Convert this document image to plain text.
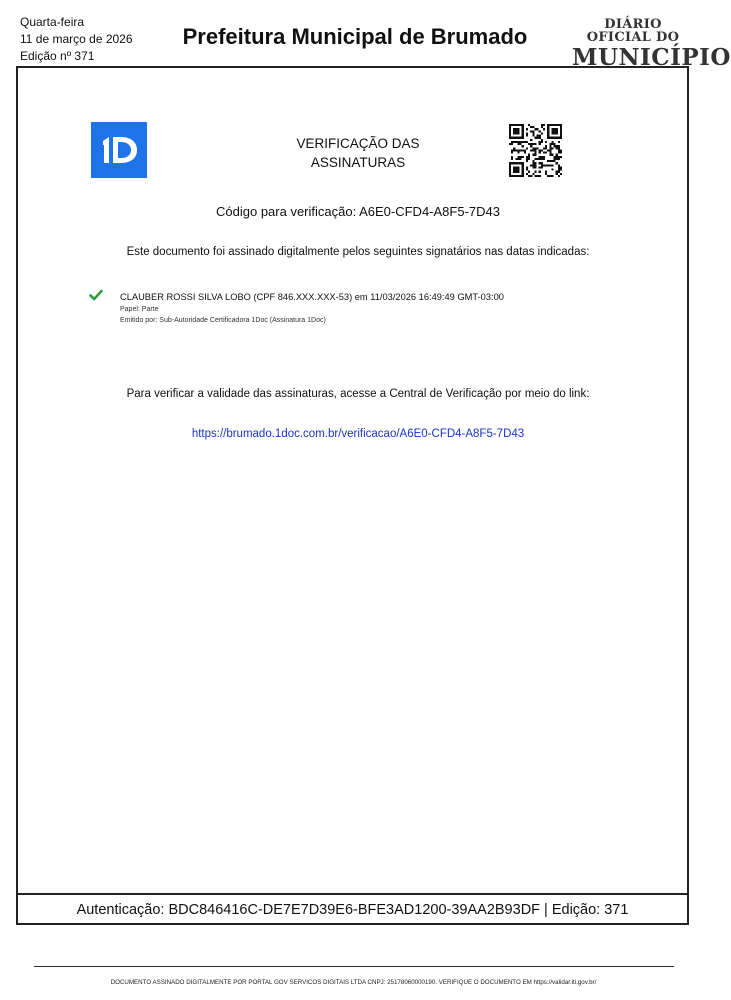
Quarta-feira
11 de março de 2026
Edição nº 371
Prefeitura Municipal de Brumado	DIÁRIO OFICIAL DO
MUNICÍPIO
VERIFICAÇÃO DAS
ASSINATURAS
Código para verificação: A6E0-CFD4-A8F5-7D43
Este documento foi assinado digitalmente pelos seguintes signatários nas datas indicadas:
CLAUBER ROSSI SILVA LOBO (CPF 846.XXX.XXX-53) em 11/03/2026 16:49:49 GMT-03:00
Papel: Parte
Emitido por: Sub-Autoridade Certificadora 1Doc (Assinatura 1Doc)
Para verificar a validade das assinaturas, acesse a Central de Verificação por meio do link:
https://brumado.1doc.com.br/verificacao/A6E0-CFD4-A8F5-7D43
Autenticação: BDC846416C-DE7E7D39E6-BFE3AD1200-39AA2B93DF | Edição: 371
DOCUMENTO ASSINADO DIGITALMENTE POR PORTAL GOV SERVICOS DIGITAIS LTDA CNPJ: 25178060000190. VERIFIQUE O DOCUMENTO EM https://validar.iti.gov.br/
